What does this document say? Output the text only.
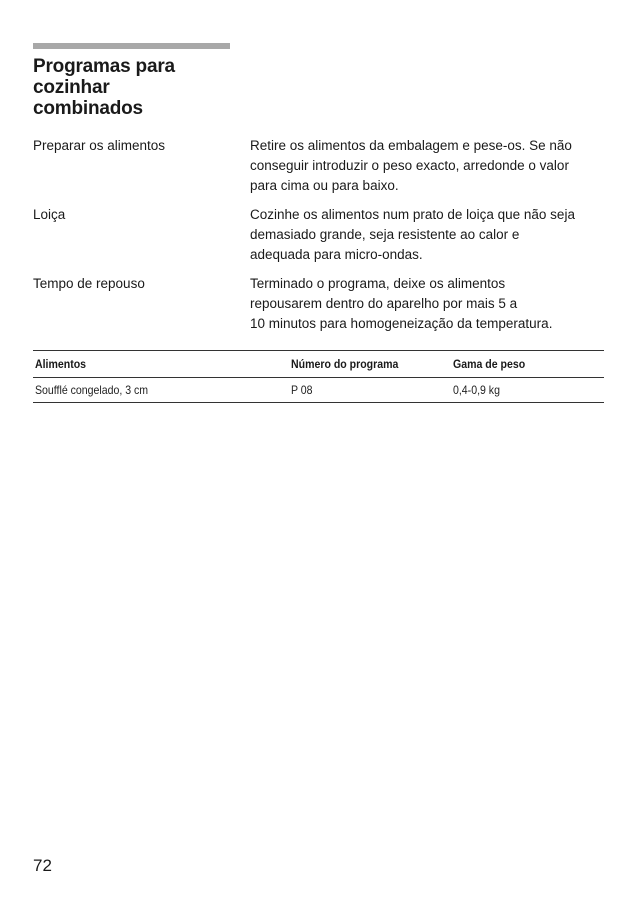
Programas para
cozinhar
combinados
Preparar os alimentos	Retire os alimentos da embalagem e pese-os. Se não
conseguir introduzir o peso exacto, arredonde o valor
para cima ou para baixo.
Loiça	Cozinhe os alimentos num prato de loiça que não seja
demasiado grande, seja resistente ao calor e
adequada para micro-ondas.
Tempo de repouso	Terminado o programa, deixe os alimentos
repousarem dentro do aparelho por mais 5 a
10 minutos para homogeneização da temperatura.
Alimentos	Número do programa	Gama de peso
Soufflé congelado, 3 cm	P 08	0,4-0,9 kg
72
